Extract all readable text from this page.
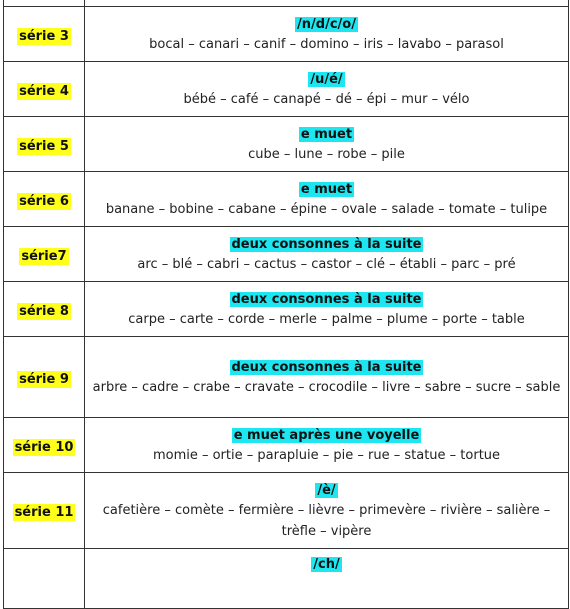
série 3	/n/d/c/o/
bocal – canari – canif – domino – iris – lavabo – parasol

série 4	/u/é/
bébé – café – canapé – dé – épi – mur – vélo

série 5	e muet
cube – lune – robe – pile

série 6	e muet
banane – bobine – cabane – épine – ovale – salade – tomate – tulipe

série7	deux consonnes à la suite
arc – blé – cabri – cactus – castor – clé – établi – parc – pré

série 8	deux consonnes à la suite
carpe – carte – corde – merle – palme – plume – porte – table

série 9	deux consonnes à la suite
arbre – cadre – crabe – cravate – crocodile – livre – sabre – sucre – sable

série 10	e muet après une voyelle
momie – ortie – parapluie – pie – rue – statue – tortue

série 11	/è/
cafetière – comète – fermière – lièvre – primevère – rivière – salière – trèfle – vipère

	/ch/
